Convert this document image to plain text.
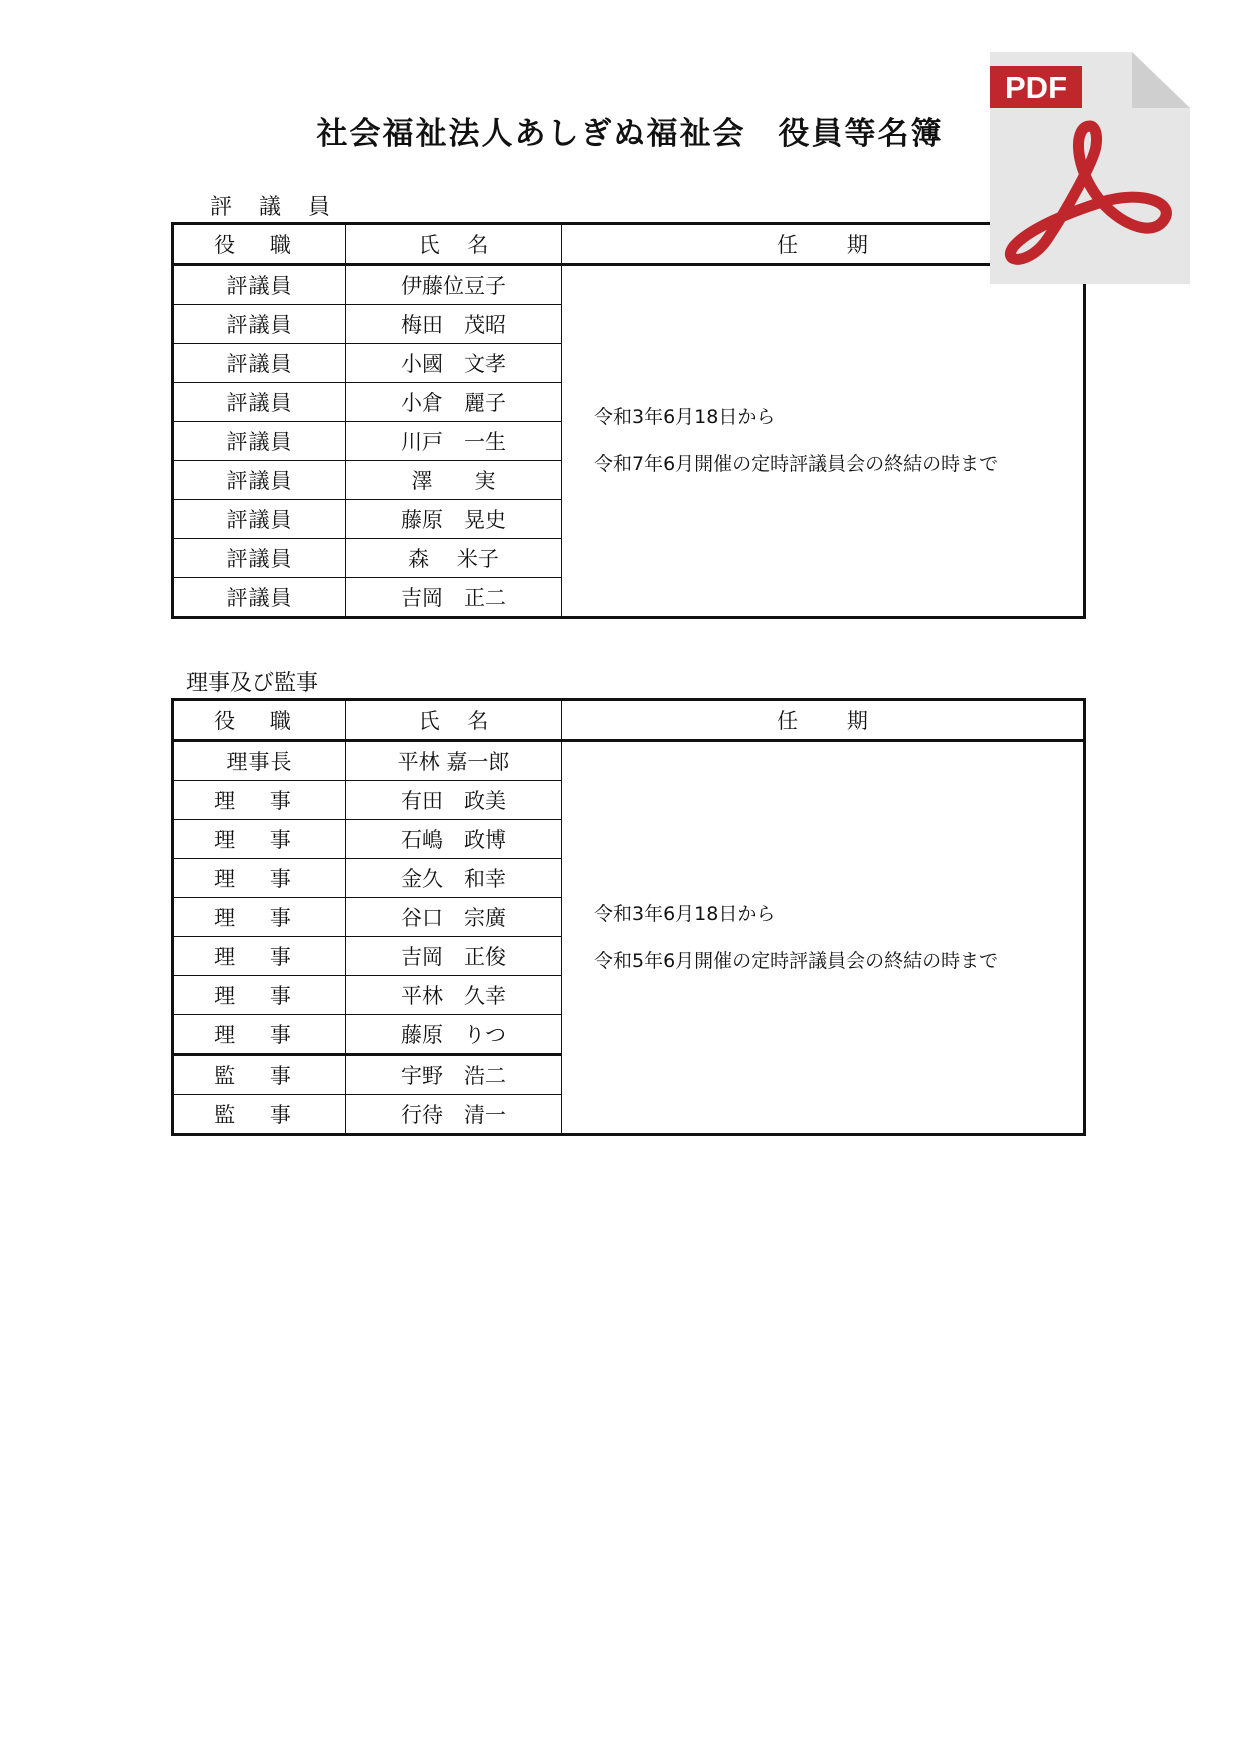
社会福祉法人あしぎぬ福祉会　役員等名簿
評 議 員
役 職	氏　 名	任　　 期
評議員	伊藤位豆子	令和3年6月18日から
令和7年6月開催の定時評議員会の終結の時まで

評議員	梅田　茂昭	
評議員	小國　文孝	
評議員	小倉　麗子	
評議員	川戸　一生	
評議員	澤　　実	
評議員	藤原　晃史	
評議員	森　 米子	
評議員	吉岡　正二	
理事及び監事
役 職	氏　 名	任　　 期
理事長	平林 嘉一郎	令和3年6月18日から
令和5年6月開催の定時評議員会の終結の時まで

理 事	有田　政美	
理 事	石嶋　政博	
理 事	金久　和幸	
理 事	谷口　宗廣	
理 事	吉岡　正俊	
理 事	平林　久幸	
理 事	藤原　りつ	
監 事	宇野　浩二	
監 事	行待　清一	
PDF
